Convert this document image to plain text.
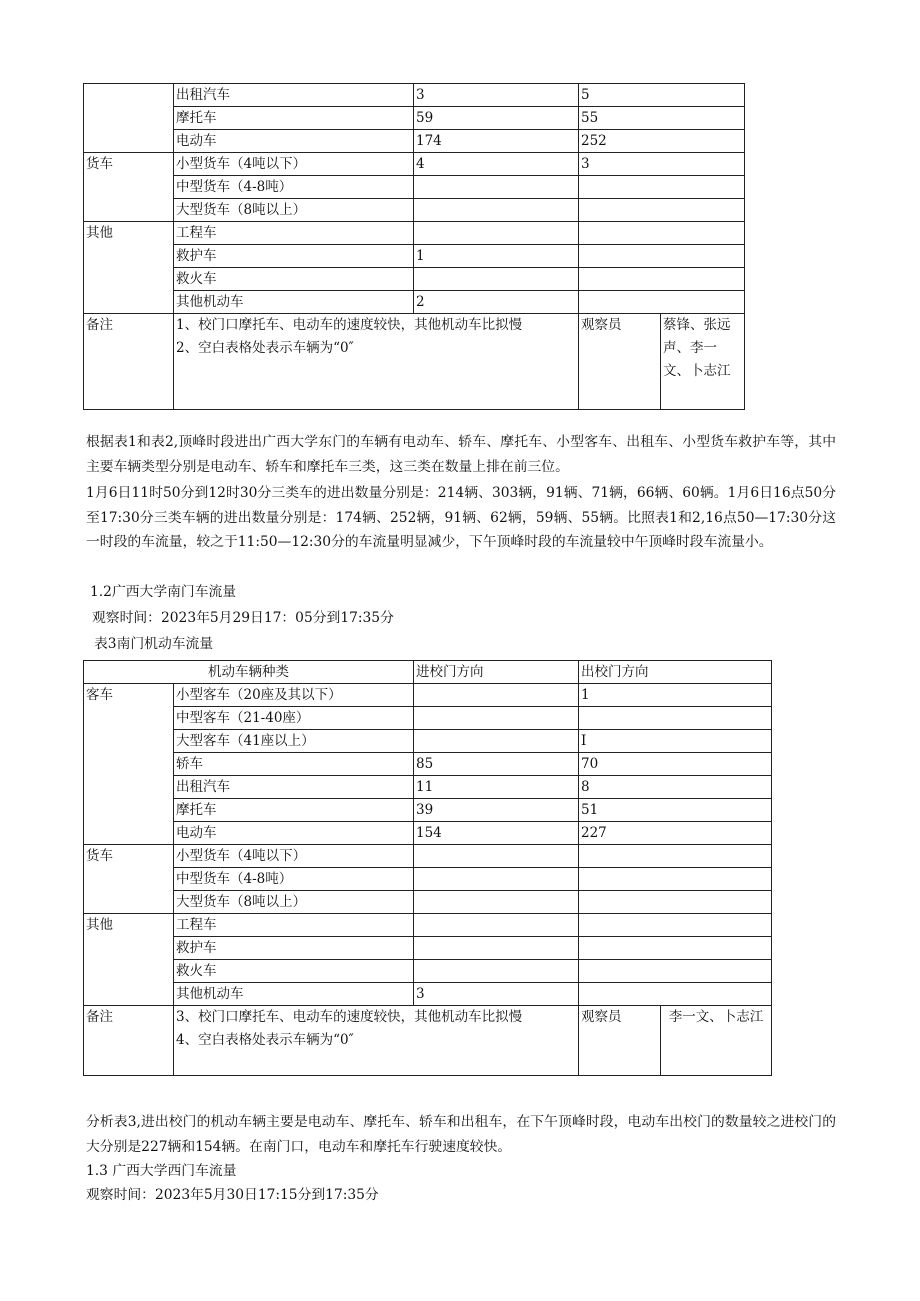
	出租汽车	3	5	
	摩托车	59	55	
	电动车	174	252	
货车	小型货车（4吨以下）	4	3	
	中型货车（4-8吨）			
	大型货车（8吨以上）			
其他	工程车			
	救护车	1		
	救火车			
	其他机动车	2		
备注	1、校门口摩托车、电动车的速度较快，其他机动车比拟慢
2、空白表格处表示车辆为“0″		观察员	蔡锋、张远声、李一文、卜志江

根据表1和表2,顶峰时段进出广西大学东门的车辆有电动车、轿车、摩托车、小型客车、出租车、小型货车救护车等，其中主要车辆类型分别是电动车、轿车和摩托车三类，这三类在数量上排在前三位。

1月6日11时50分到12时30分三类车的进出数量分别是：214辆、303辆，91辆、71辆，66辆、60辆。1月6日16点50分至17:30分三类车辆的进出数量分别是：174辆、252辆，91辆、62辆，59辆、55辆。比照表1和2,16点50—17:30分这一时段的车流量，较之于11:50—12:30分的车流量明显减少，下午顶峰时段的车流量较中午顶峰时段车流量小。

1.2广西大学南门车流量

观察时间：2023年5月29日17：05分到17:35分

表3南门机动车流量

机动车辆种类		进校门方向	出校门方向	
客车	小型客车（20座及其以下）		1	
	中型客车（21-40座）			
	大型客车（41座以上）		I	
	轿车	85	70	
	出租汽车	11	8	
	摩托车	39	51	
	电动车	154	227	
货车	小型货车（4吨以下）			
	中型货车（4-8吨）			
	大型货车（8吨以上）			
其他	工程车			
	救护车			
	救火车			
	其他机动车	3		
备注	3、校门口摩托车、电动车的速度较快，其他机动车比拟慢
4、空白表格处表示车辆为“0″		观察员	李一文、卜志江

分析表3,进出校门的机动车辆主要是电动车、摩托车、轿车和出租车，在下午顶峰时段，电动车出校门的数量较之进校门的大分别是227辆和154辆。在南门口，电动车和摩托车行驶速度较快。

1.3 广西大学西门车流量

观察时间：2023年5月30日17:15分到17:35分
